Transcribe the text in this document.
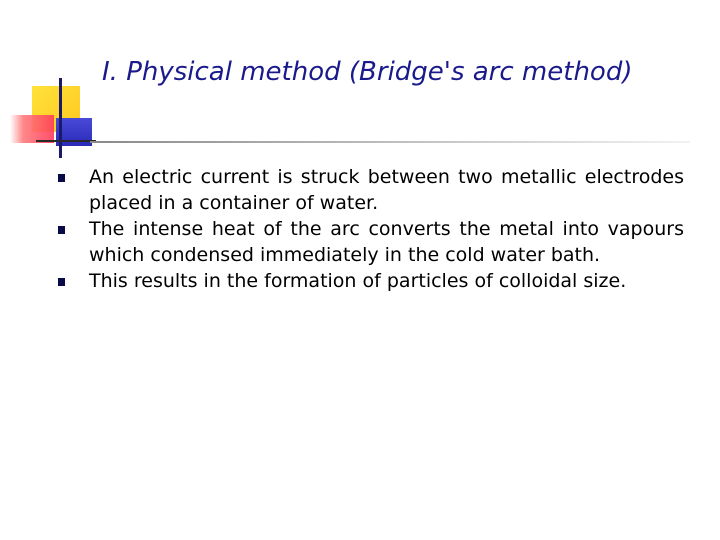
I. Physical method (Bridge's arc method)
An electric current is struck between two metallic electrodes placed in a container of water.
The intense heat of the arc converts the metal into vapours which condensed immediately in the cold water bath.
This results in the formation of particles of colloidal size.
